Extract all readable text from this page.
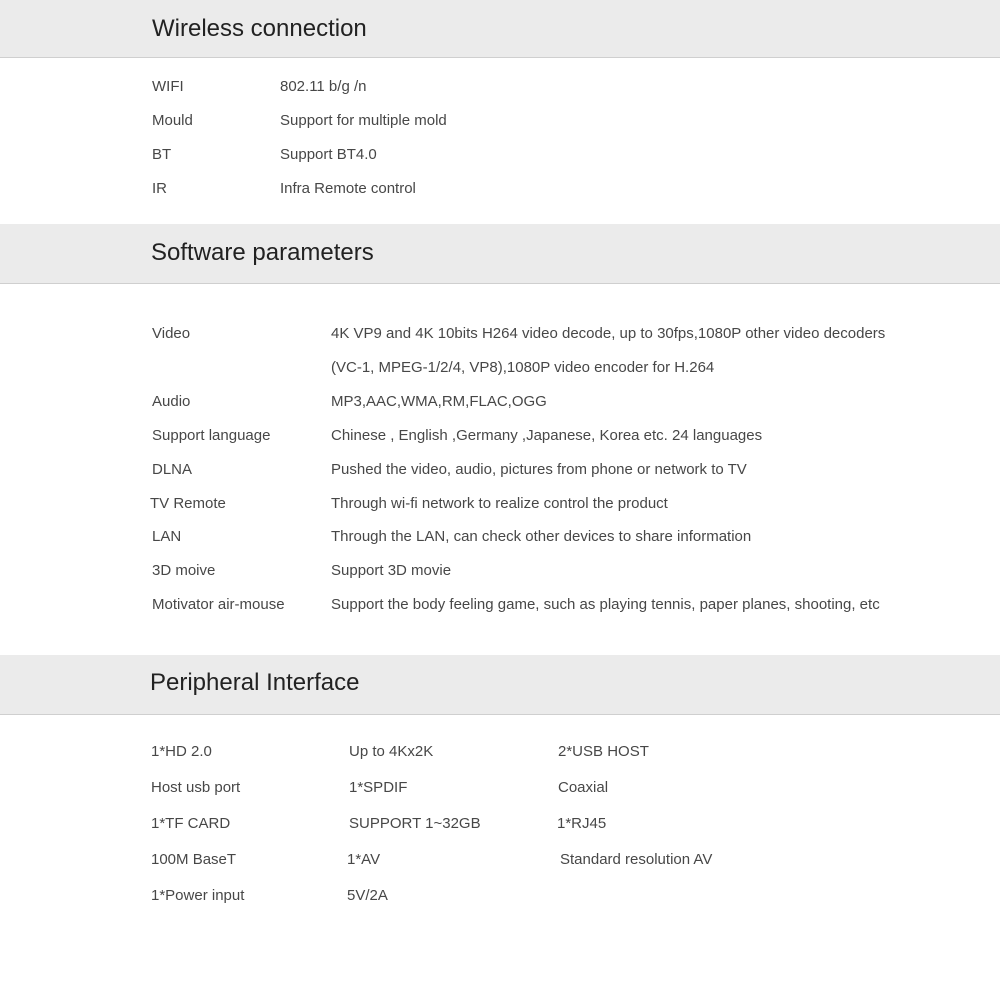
Wireless connection
WIFI	802.11 b/g /n
Mould	Support for multiple mold
BT	Support BT4.0
IR	Infra Remote control
Software parameters
Video	4K VP9 and 4K 10bits H264 video decode, up to 30fps,1080P other video decoders
(VC-1, MPEG-1/2/4, VP8),1080P video encoder for H.264
Audio	MP3,AAC,WMA,RM,FLAC,OGG
Support language	Chinese , English ,Germany ,Japanese, Korea etc. 24 languages
DLNA	Pushed the video, audio, pictures from phone or network to TV
TV Remote	Through wi-fi network to realize control the product
LAN	Through the LAN, can check other devices to share information
3D moive	Support 3D movie
Motivator air-mouse	Support the body feeling game, such as playing tennis, paper planes, shooting, etc
Peripheral Interface
1*HD 2.0	Up to 4Kx2K	2*USB HOST
Host usb port	1*SPDIF	Coaxial
1*TF CARD	SUPPORT 1~32GB	1*RJ45
100M BaseT	1*AV	Standard resolution AV
1*Power input	5V/2A
